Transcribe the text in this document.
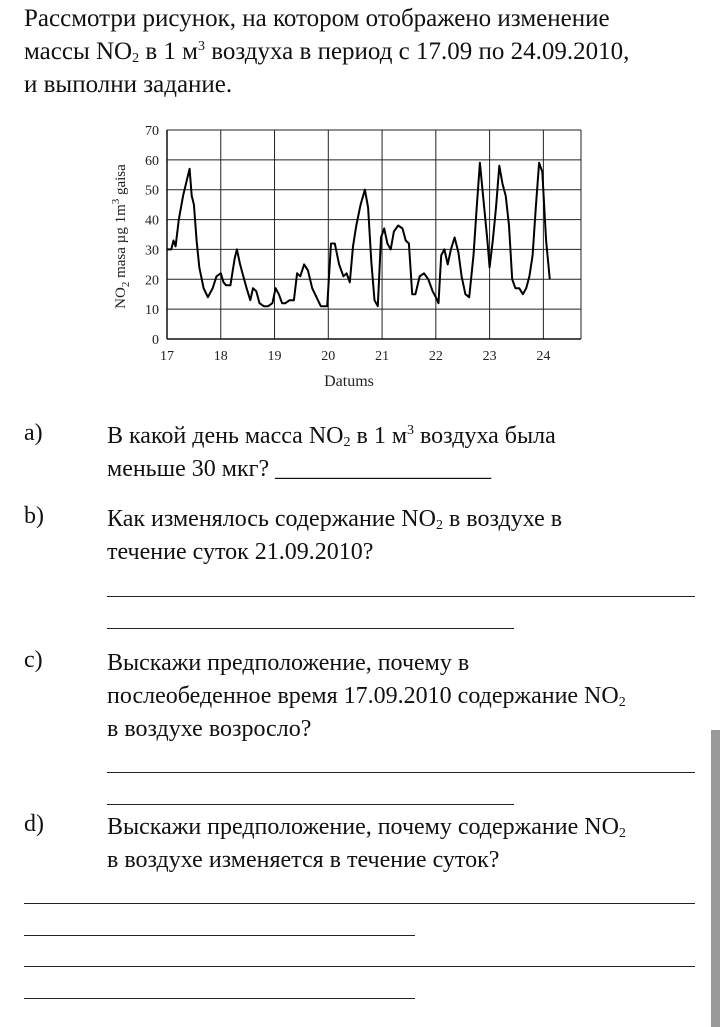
Рассмотри рисунок, на котором отображено изменение
массы $NO_2$ в 1 $м^3$ воздуха в период с 17.09 по 24.09.2010,
и выполни задание.
0
10
20
30
40
50
60
70
17	18	19	20	21	22	23	24
Datums
$NO_2$ masa µg $1m^3$ gaisa
a)	В какой день масса $NO_2$ в 1 $м^3$ воздуха была
меньше 30 мкг? __________________
b)	Как изменялось содержание $NO_2$ в воздухе в
течение суток 21.09.2010?
c)	Выскажи предположение, почему в
послеобеденное время 17.09.2010 содержание $NO_2$
в воздухе возросло?
d)	Выскажи предположение, почему содержание $NO_2$
в воздухе изменяется в течение суток?
